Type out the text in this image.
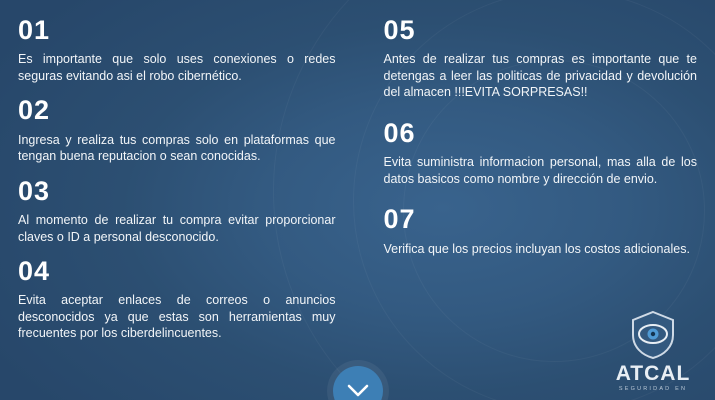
01

Es importante que solo uses conexiones o redes seguras evitando asi el robo cibernético.

02

Ingresa y realiza tus compras solo en plataformas que tengan buena reputacion o sean conocidas.

03

Al momento de realizar tu compra evitar proporcionar claves o ID a personal desconocido.

04

Evita aceptar enlaces de correos o anuncios desconocidos ya que estas son herramientas muy frecuentes por los ciberdelincuentes.

05

Antes de realizar tus compras es importante que te detengas a leer las politicas de privacidad y devolución del almacen !!!EVITA SORPRESAS!!

06

Evita suministra informacion personal, mas alla de los datos basicos como nombre y dirección de envio.

07

Verifica que los precios incluyan los costos adicionales.

ATCAL
SEGURIDAD EN
